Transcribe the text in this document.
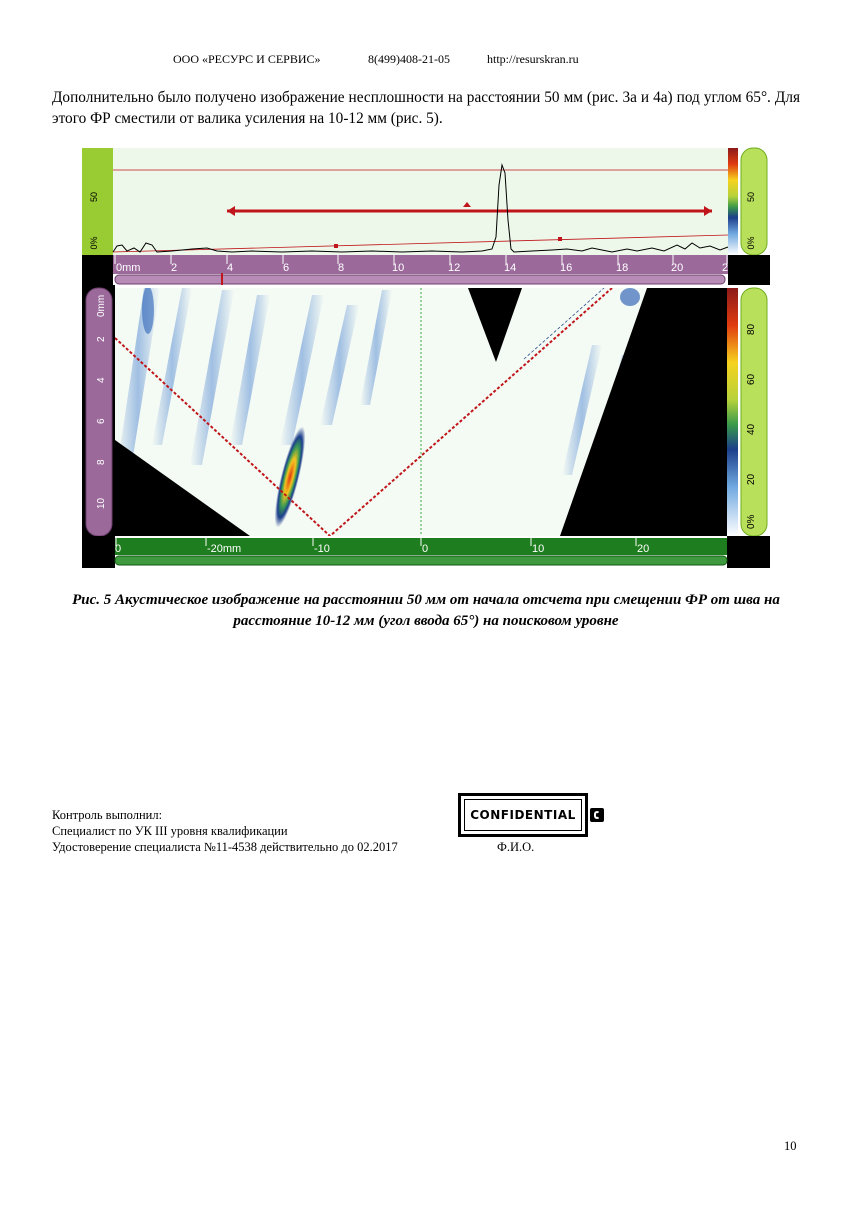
ООО «РЕСУРС И СЕРВИС»	8(499)408-21-05	http://resurskran.ru
Дополнительно было получено изображение несплошности на расстоянии 50 мм (рис. 3а и 4а) под углом 65°. Для этого ФР сместили от валика усиления на 10-12 мм (рис. 5).
50
0%
50
0%
0mm	2	4	6	8	10	12	14	16	18	20	2
0mm
2
4
6
8
10
0%
20
40
60
80
0	-20mm	-10	0	10	20
Рис. 5 Акустическое изображение на расстоянии 50 мм от начала отсчета при смещении ФР от шва на расстояние 10-12 мм (угол ввода 65°) на поисковом уровне
Контроль выполнил:
Специалист по УК III уровня квалификации
Удостоверение специалиста №11-4538 действительно до 02.2017
CONFIDENTIAL
Ф.И.О.
10
